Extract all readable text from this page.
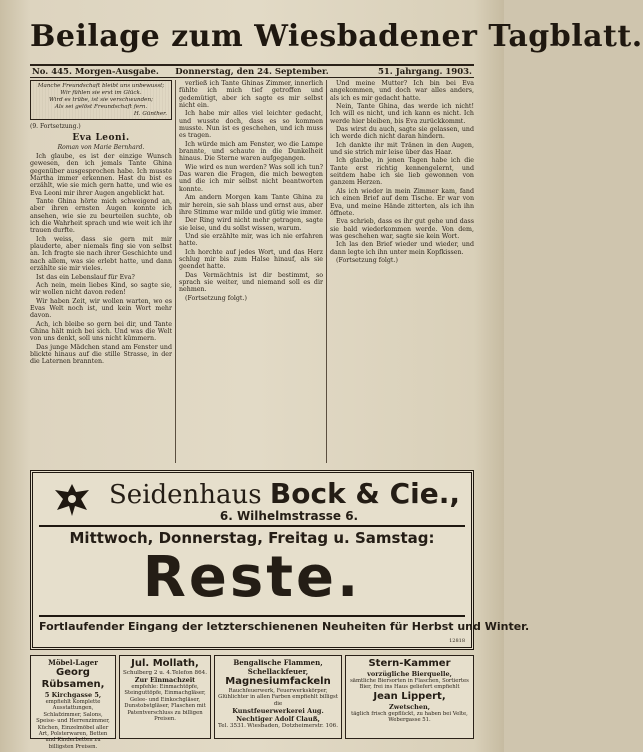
Beilage zum Wiesbadener Tagblatt.
No. 445. Morgen-Ausgabe.	Donnerstag, den 24. September.	51. Jahrgang. 1903.
Manche Freundschaft bleibt uns unbewusst;
Wir fühlen sie erst im Glück.
Wird es trübe, ist sie verschwunden;
Als sei gelöst Freundschaft fern.
H. Günther.
(9. Fortsetzung.)
Eva Leoni.
Roman von Marie Bernhard.

Ich glaube, es ist der einzige Wunsch gewesen, den ich jemals Tante Ghina gegenüber ausgesprochen habe. Ich musste Martha immer erkennen. Hast du bist es erzählt, wie sie mich gern hatte, und wie es Eva Leoni mir ihrer Augen angeblickt hat.

Tante Ghina hörte mich schweigend an, aber ihren ernsten Augen konnte ich ansehen, wie sie zu beurteilen suchte, ob ich die Wahrheit sprach und wie weit ich ihr trauen durfte.

Ich weiss, dass sie gern mit mir plauderte, aber niemals fing sie von selbst an. Ich fragte sie nach ihrer Geschichte und nach allem, was sie erlebt hatte, und dann erzählte sie mir vieles.

Ist das ein Lebenslauf für Eva?

Ach nein, mein liebes Kind, so sagte sie, wir wollen nicht davon reden!

Wir haben Zeit, wir wollen warten, wo es Evas Welt noch ist, und kein Wort mehr davon.

Ach, ich bleibe so gern bei dir, und Tante Ghina hält mich bei sich. Und was die Welt von uns denkt, soll uns nicht kümmern.

Das junge Mädchen stand am Fenster und blickte hinaus auf die stille Strasse, in der die Laternen brannten.

verließ ich Tante Ghinas Zimmer, innerlich fühlte ich mich tief getroffen und gedemütigt, aber ich sagte es mir selbst nicht ein.

Ich habe mir alles viel leichter gedacht, und wusste doch, dass es so kommen musste. Nun ist es geschehen, und ich muss es tragen.

Ich würde mich am Fenster, wo die Lampe brannte, und schaute in die Dunkelheit hinaus. Die Sterne waren aufgegangen.

Wie wird es nun werden? Was soll ich tun? Das waren die Fragen, die mich bewegten und die ich mir selbst nicht beantworten konnte.

Am andern Morgen kam Tante Ghina zu mir herein, sie sah blass und ernst aus, aber ihre Stimme war milde und gütig wie immer.

Der Ring wird nicht mehr getragen, sagte sie leise, und du sollst wissen, warum.

Und sie erzählte mir, was ich nie erfahren hatte.

Ich horchte auf jedes Wort, und das Herz schlug mir bis zum Halse hinauf, als sie geendet hatte.

Das Vermächtnis ist dir bestimmt, so sprach sie weiter, und niemand soll es dir nehmen.

(Fortsetzung folgt.)

Und meine Mutter? Ich bin bei Eva angekommen, und doch war alles anders, als ich es mir gedacht hatte.

Nein, Tante Ghina, das werde ich nicht! Ich will es nicht, und ich kann es nicht. Ich werde hier bleiben, bis Eva zurückkommt.

Das wirst du auch, sagte sie gelassen, und ich werde dich nicht daran hindern.

Ich dankte ihr mit Tränen in den Augen, und sie strich mir leise über das Haar.

Ich glaube, in jenen Tagen habe ich die Tante erst richtig kennengelernt, und seitdem habe ich sie lieb gewonnen von ganzem Herzen.

Als ich wieder in mein Zimmer kam, fand ich einen Brief auf dem Tische. Er war von Eva, und meine Hände zitterten, als ich ihn öffnete.

Eva schrieb, dass es ihr gut gehe und dass sie bald wiederkommen werde. Von dem, was geschehen war, sagte sie kein Wort.

Ich las den Brief wieder und wieder, und dann legte ich ihn unter mein Kopfkissen.

(Fortsetzung folgt.)

Seidenhaus Bock & Cie.,
6. Wilhelmstrasse 6.
Mittwoch, Donnerstag, Freitag u. Samstag:
Reste.
Fortlaufender Eingang der letzterschienenen Neuheiten für Herbst und Winter.
12818
Möbel-Lager
Georg Rübsamen,
5 Kirchgasse 5,
empfiehlt Komplette Ausstattungen, Schlafzimmer, Salons, Speise- und Herrenzimmer, Küchen, Einzelmöbel aller Art, Polsterwaren, Betten und Kinderbetten zu billigsten Preisen.
Jul. Mollath,
Schulberg 2 u. 4. Telefon 864.
Zur Einmachzeit
empfehle: Einmachtöpfe, Steinguttöpfe, Einmachgläser, Gelee- und Einkochgläser, Dunstobstgläser, Flaschen mit Patentverschluss zu billigen Preisen.
Bengalische Flammen, Schellackfeuer,
Magnesiumfackeln
Rauchfeuerwerk, Feuerwerkskörper, Glühlichter in allen Farben empfiehlt billigst die
Kunstfeuerwerkerei Aug. Nechtiger Adolf Clauß,
Tel. 3531. Wiesbaden, Dotzheimerstr. 106.
Stern-Kammer
vorzügliche Bierquelle,
sämtliche Biersorten in Flaschen, Sortiertes Bier, frei ins Haus geliefert empfiehlt
Jean Lippert,
Zwetschen,
täglich frisch gepflückt, zu haben bei Velte, Webergasse 51.
